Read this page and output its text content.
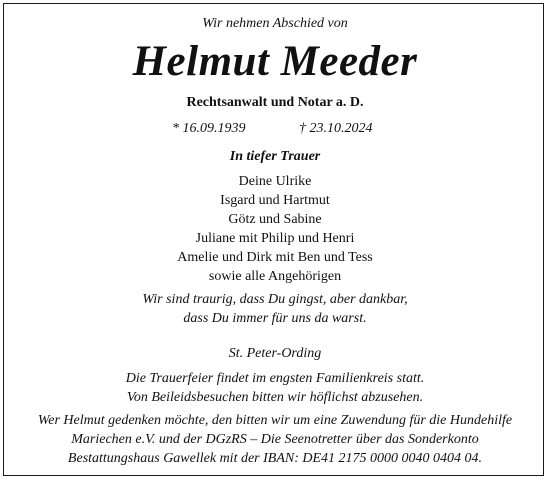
Wir nehmen Abschied von

Helmut Meeder

Rechtsanwalt und Notar a. D.

* 16.09.1939	† 23.10.2024

In tiefer Trauer

Deine Ulrike

Isgard und Hartmut

Götz und Sabine

Juliane mit Philip und Henri

Amelie und Dirk mit Ben und Tess

sowie alle Angehörigen

Wir sind traurig, dass Du gingst, aber dankbar,

dass Du immer für uns da warst.

St. Peter-Ording

Die Trauerfeier findet im engsten Familienkreis statt.

Von Beileidsbesuchen bitten wir höflichst abzusehen.

Wer Helmut gedenken möchte, den bitten wir um eine Zuwendung für die Hundehilfe

Mariechen e.V. und der DGzRS – Die Seenotretter über das Sonderkonto

Bestattungshaus Gawellek mit der IBAN: DE41 2175 0000 0040 0404 04.
